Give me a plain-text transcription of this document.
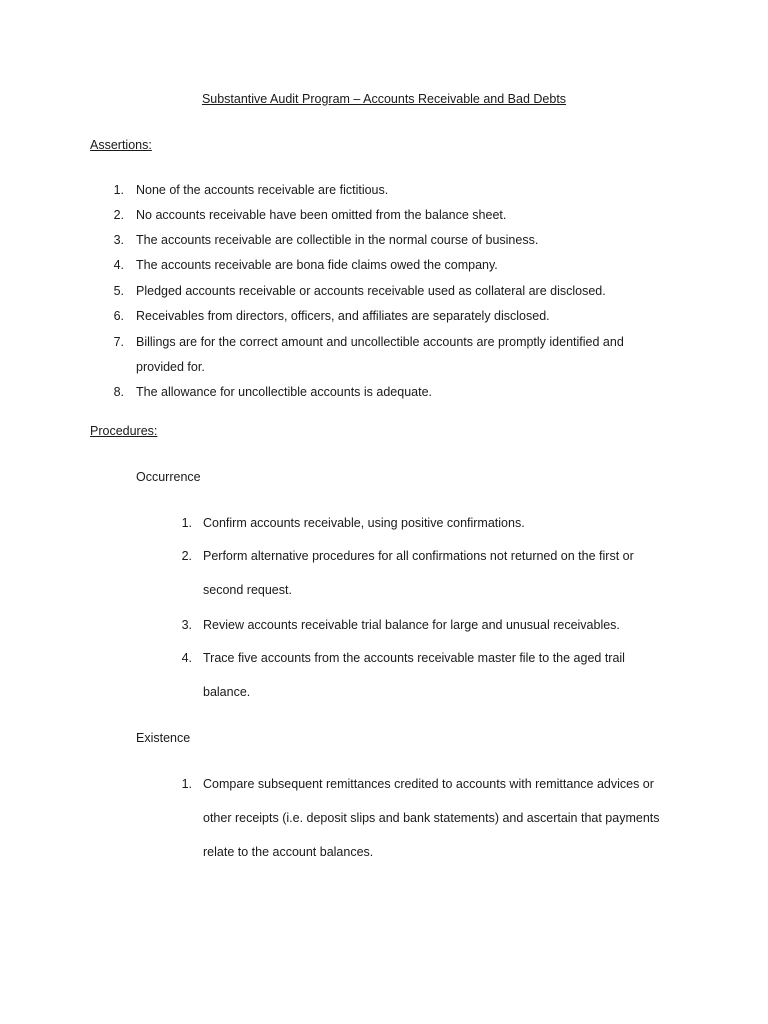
Substantive Audit Program – Accounts Receivable and Bad Debts
Assertions:
1. None of the accounts receivable are fictitious.
2. No accounts receivable have been omitted from the balance sheet.
3. The accounts receivable are collectible in the normal course of business.
4. The accounts receivable are bona fide claims owed the company.
5. Pledged accounts receivable or accounts receivable used as collateral are disclosed.
6. Receivables from directors, officers, and affiliates are separately disclosed.
7. Billings are for the correct amount and uncollectible accounts are promptly identified and
provided for.
8. The allowance for uncollectible accounts is adequate.
Procedures:
Occurrence
1. Confirm accounts receivable, using positive confirmations.
2. Perform alternative procedures for all confirmations not returned on the first or
second request.
3. Review accounts receivable trial balance for large and unusual receivables.
4. Trace five accounts from the accounts receivable master file to the aged trail
balance.
Existence
1. Compare subsequent remittances credited to accounts with remittance advices or
other receipts (i.e. deposit slips and bank statements) and ascertain that payments
relate to the account balances.
